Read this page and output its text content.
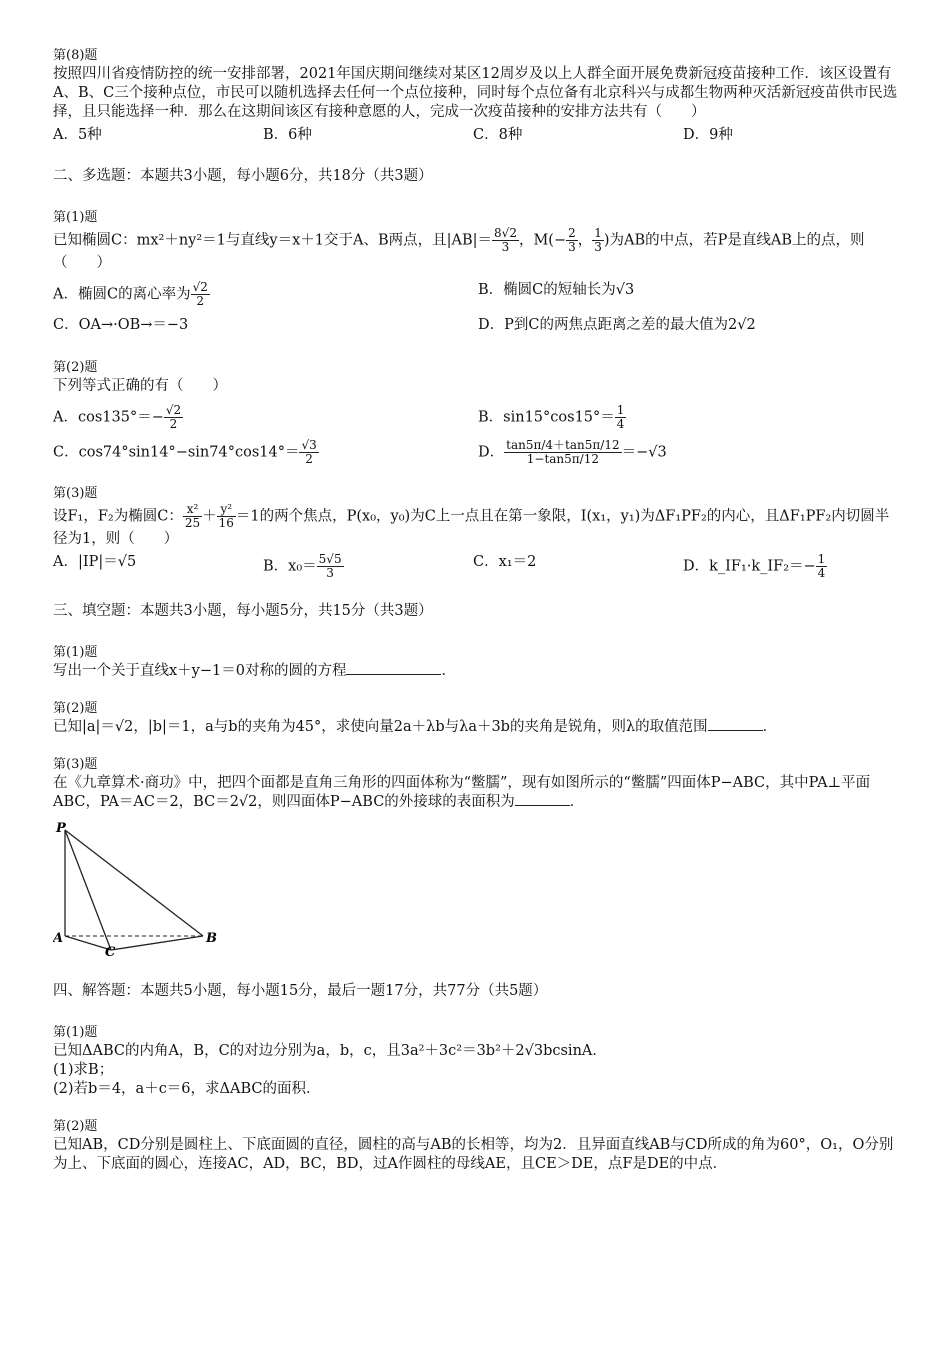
第(8)题

按照四川省疫情防控的统一安排部署，2021年国庆期间继续对某区12周岁及以上人群全面开展免费新冠疫苗接种工作．该区设置有A、B、C三个接种点位，市民可以随机选择去任何一个点位接种，同时每个点位备有北京科兴与成都生物两种灭活新冠疫苗供市民选择，且只能选择一种．那么在这期间该区有接种意愿的人，完成一次疫苗接种的安排方法共有（　　）

A．5种	B．6种	C．8种	D．9种

二、多选题：本题共3小题，每小题6分，共18分（共3题）

第(1)题

已知椭圆C：mx²＋ny²＝1与直线y＝x＋1交于A、B两点，且$|AB|= \frac{8√2}{3}$ ，$M(- \frac{2}{3}$ ， $\frac{1}{3}$ )为AB的中点，若P是直线AB上的点，则（　　）

A．椭圆C的离心率为 $\frac{√2}{2}$	B．椭圆C的短轴长为√3
C．OA→·OB→＝−3	D．P到C的两焦点距离之差的最大值为2√2
第(2)题

下列等式正确的有（　　）

A．$\cos 135^\circ=- \frac{√2}{2}$	B．$\sin 15^\circ\cos 15^\circ= \frac{1}{4}$
C．$\cos 74^\circ\sin 14^\circ-\sin 74^\circ\cos 14^\circ= \frac{√3}{2}$	D． $\frac{\tan 5\pi/4+\tan 5\pi/12}{1-\tan 5\pi/12} =-√3$
第(3)题

设F₁，F₂为椭圆C： $\frac{\text{x²}}{25} + \frac{\text{y²}}{16} =1$的两个焦点，P(x₀，y₀)为C上一点且在第一象限，I(x₁，y₁)为ΔF₁PF₂的内心，且ΔF₁PF₂内切圆半径为1，则（　　）

A．|IP|＝√5	B．$x_0= \frac{5√5}{3}$	C．x₁＝2	D．k_IF₁·k_IF₂＝− $\frac{1}{4}$

三、填空题：本题共3小题，每小题5分，共15分（共3题）

第(1)题

写出一个关于直线x＋y−1＝0对称的圆的方程	．

第(2)题

已知|a|＝√2，|b|＝1，a与b的夹角为45°，求使向量2a＋λb与λa＋3b的夹角是锐角，则λ的取值范围	．

第(3)题

在《九章算术·商功》中，把四个面都是直角三角形的四面体称为“鳖臑”，现有如图所示的“鳖臑”四面体P−ABC，其中PA⊥平面ABC，PA＝AC＝2，BC＝2√2，则四面体P−ABC的外接球的表面积为	．

P
A	B
C

四、解答题：本题共5小题，每小题15分，最后一题17分，共77分（共5题）

第(1)题

已知ΔABC的内角A，B，C的对边分别为a，b，c，且3a²＋3c²＝3b²＋2√3bcsinA．

(1)求B；

(2)若b＝4，a＋c＝6，求ΔABC的面积．

第(2)题

已知AB，CD分别是圆柱上、下底面圆的直径，圆柱的高与AB的长相等，均为2．且异面直线AB与CD所成的角为60°，O₁，O分别为上、下底面的圆心，连接AC，AD，BC，BD，过A作圆柱的母线AE，且CE＞DE，点F是DE的中点．
